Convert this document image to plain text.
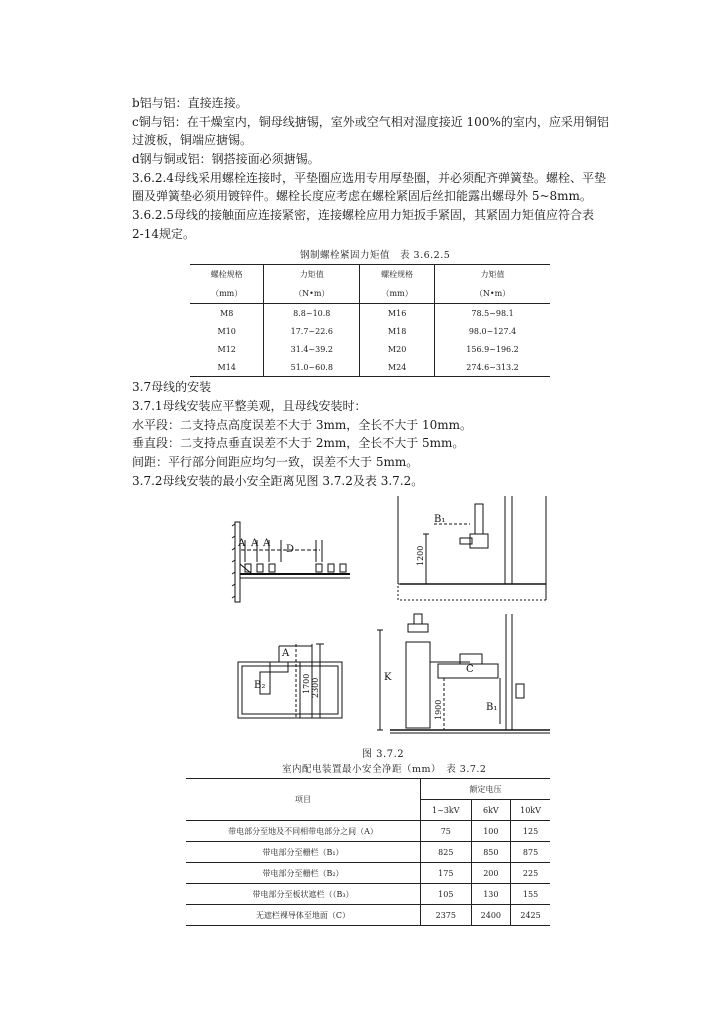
b铝与铝：直接连接。

c铜与铝：在干燥室内，铜母线搪锡，室外或空气相对湿度接近 100%的室内，应采用铜铝

过渡板，铜端应搪锡。

d钢与铜或铝：钢搭接面必须搪锡。

3.6.2.4母线采用螺栓连接时，平垫圈应选用专用厚垫圈，并必须配齐弹簧垫。螺栓、平垫

圈及弹簧垫必须用镀锌件。螺栓长度应考虑在螺栓紧固后丝扣能露出螺母外 5~8mm。

3.6.2.5母线的接触面应连接紧密，连接螺栓应用力矩扳手紧固，其紧固力矩值应符合表

2-14规定。

钢制螺栓紧固力矩值　表 3.6.2.5
螺栓规格	力矩值	螺栓规格	力矩值
（mm）	（N•m）	（mm）	（N•m）
M8	8.8~10.8	M16	78.5~98.1
M10	17.7~22.6	M18	98.0~127.4
M12	31.4~39.2	M20	156.9~196.2
M14	51.0~60.8	M24	274.6~313.2

3.7母线的安装

3.7.1母线安装应平整美观，且母线安装时：

水平段：二支持点高度误差不大于 3mm，全长不大于 10mm。

垂直段：二支持点垂直误差不大于 2mm，全长不大于 5mm。

间距：平行部分间距应均匀一致，误差不大于 5mm。

3.7.2母线安装的最小安全距离见图 3.7.2及表 3.7.2。

A A A
D
B₁
A
B₂
B₁
K
C
1200
1700 2300
1900
图 3.7.2
室内配电装置最小安全净距（mm）　表 3.7.2
项目	额定电压		
	1~3kV	6kV	10kV
带电部分至地及不同相带电部分之间（A）	75	100	125
带电部分至栅栏（B₁）	825	850	875
带电部分至栅栏（B₂）	175	200	225
带电部分至板状遮栏（（B₃）	105	130	155
无遮栏裸导体至地面（C）	2375	2400	2425
